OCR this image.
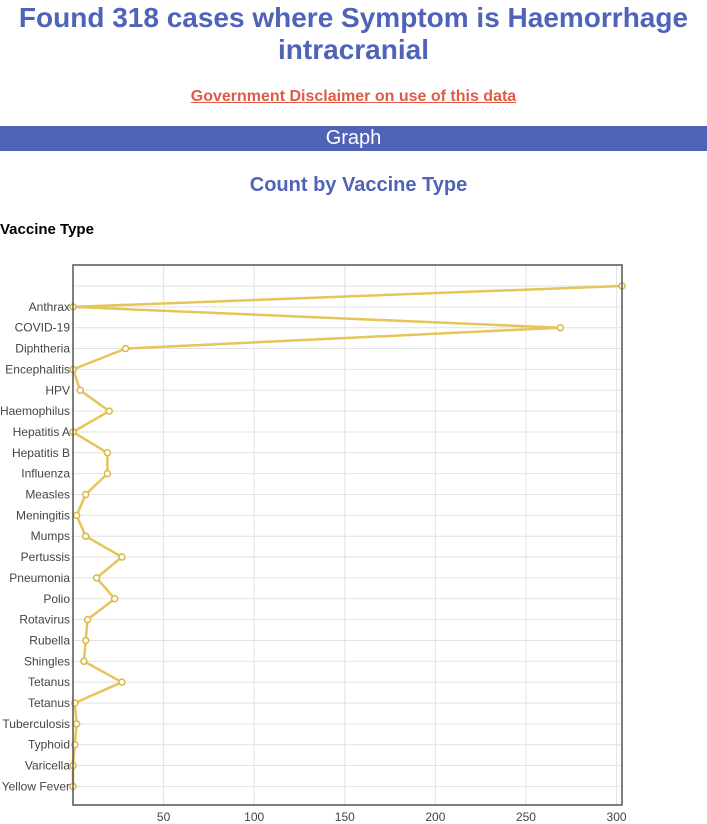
Found 318 cases where Symptom is Haemorrhage intracranial
Government Disclaimer on use of this data
Graph
Count by Vaccine Type
Vaccine Type
50	100	150	200	250	300
Anthrax
COVID-19
Diphtheria
Encephalitis
HPV
Haemophilus
Hepatitis A
Hepatitis B
Influenza
Measles
Meningitis
Mumps
Pertussis
Pneumonia
Polio
Rotavirus
Rubella
Shingles
Tetanus
Tetanus
Tuberculosis
Typhoid
Varicella
Yellow Fever
